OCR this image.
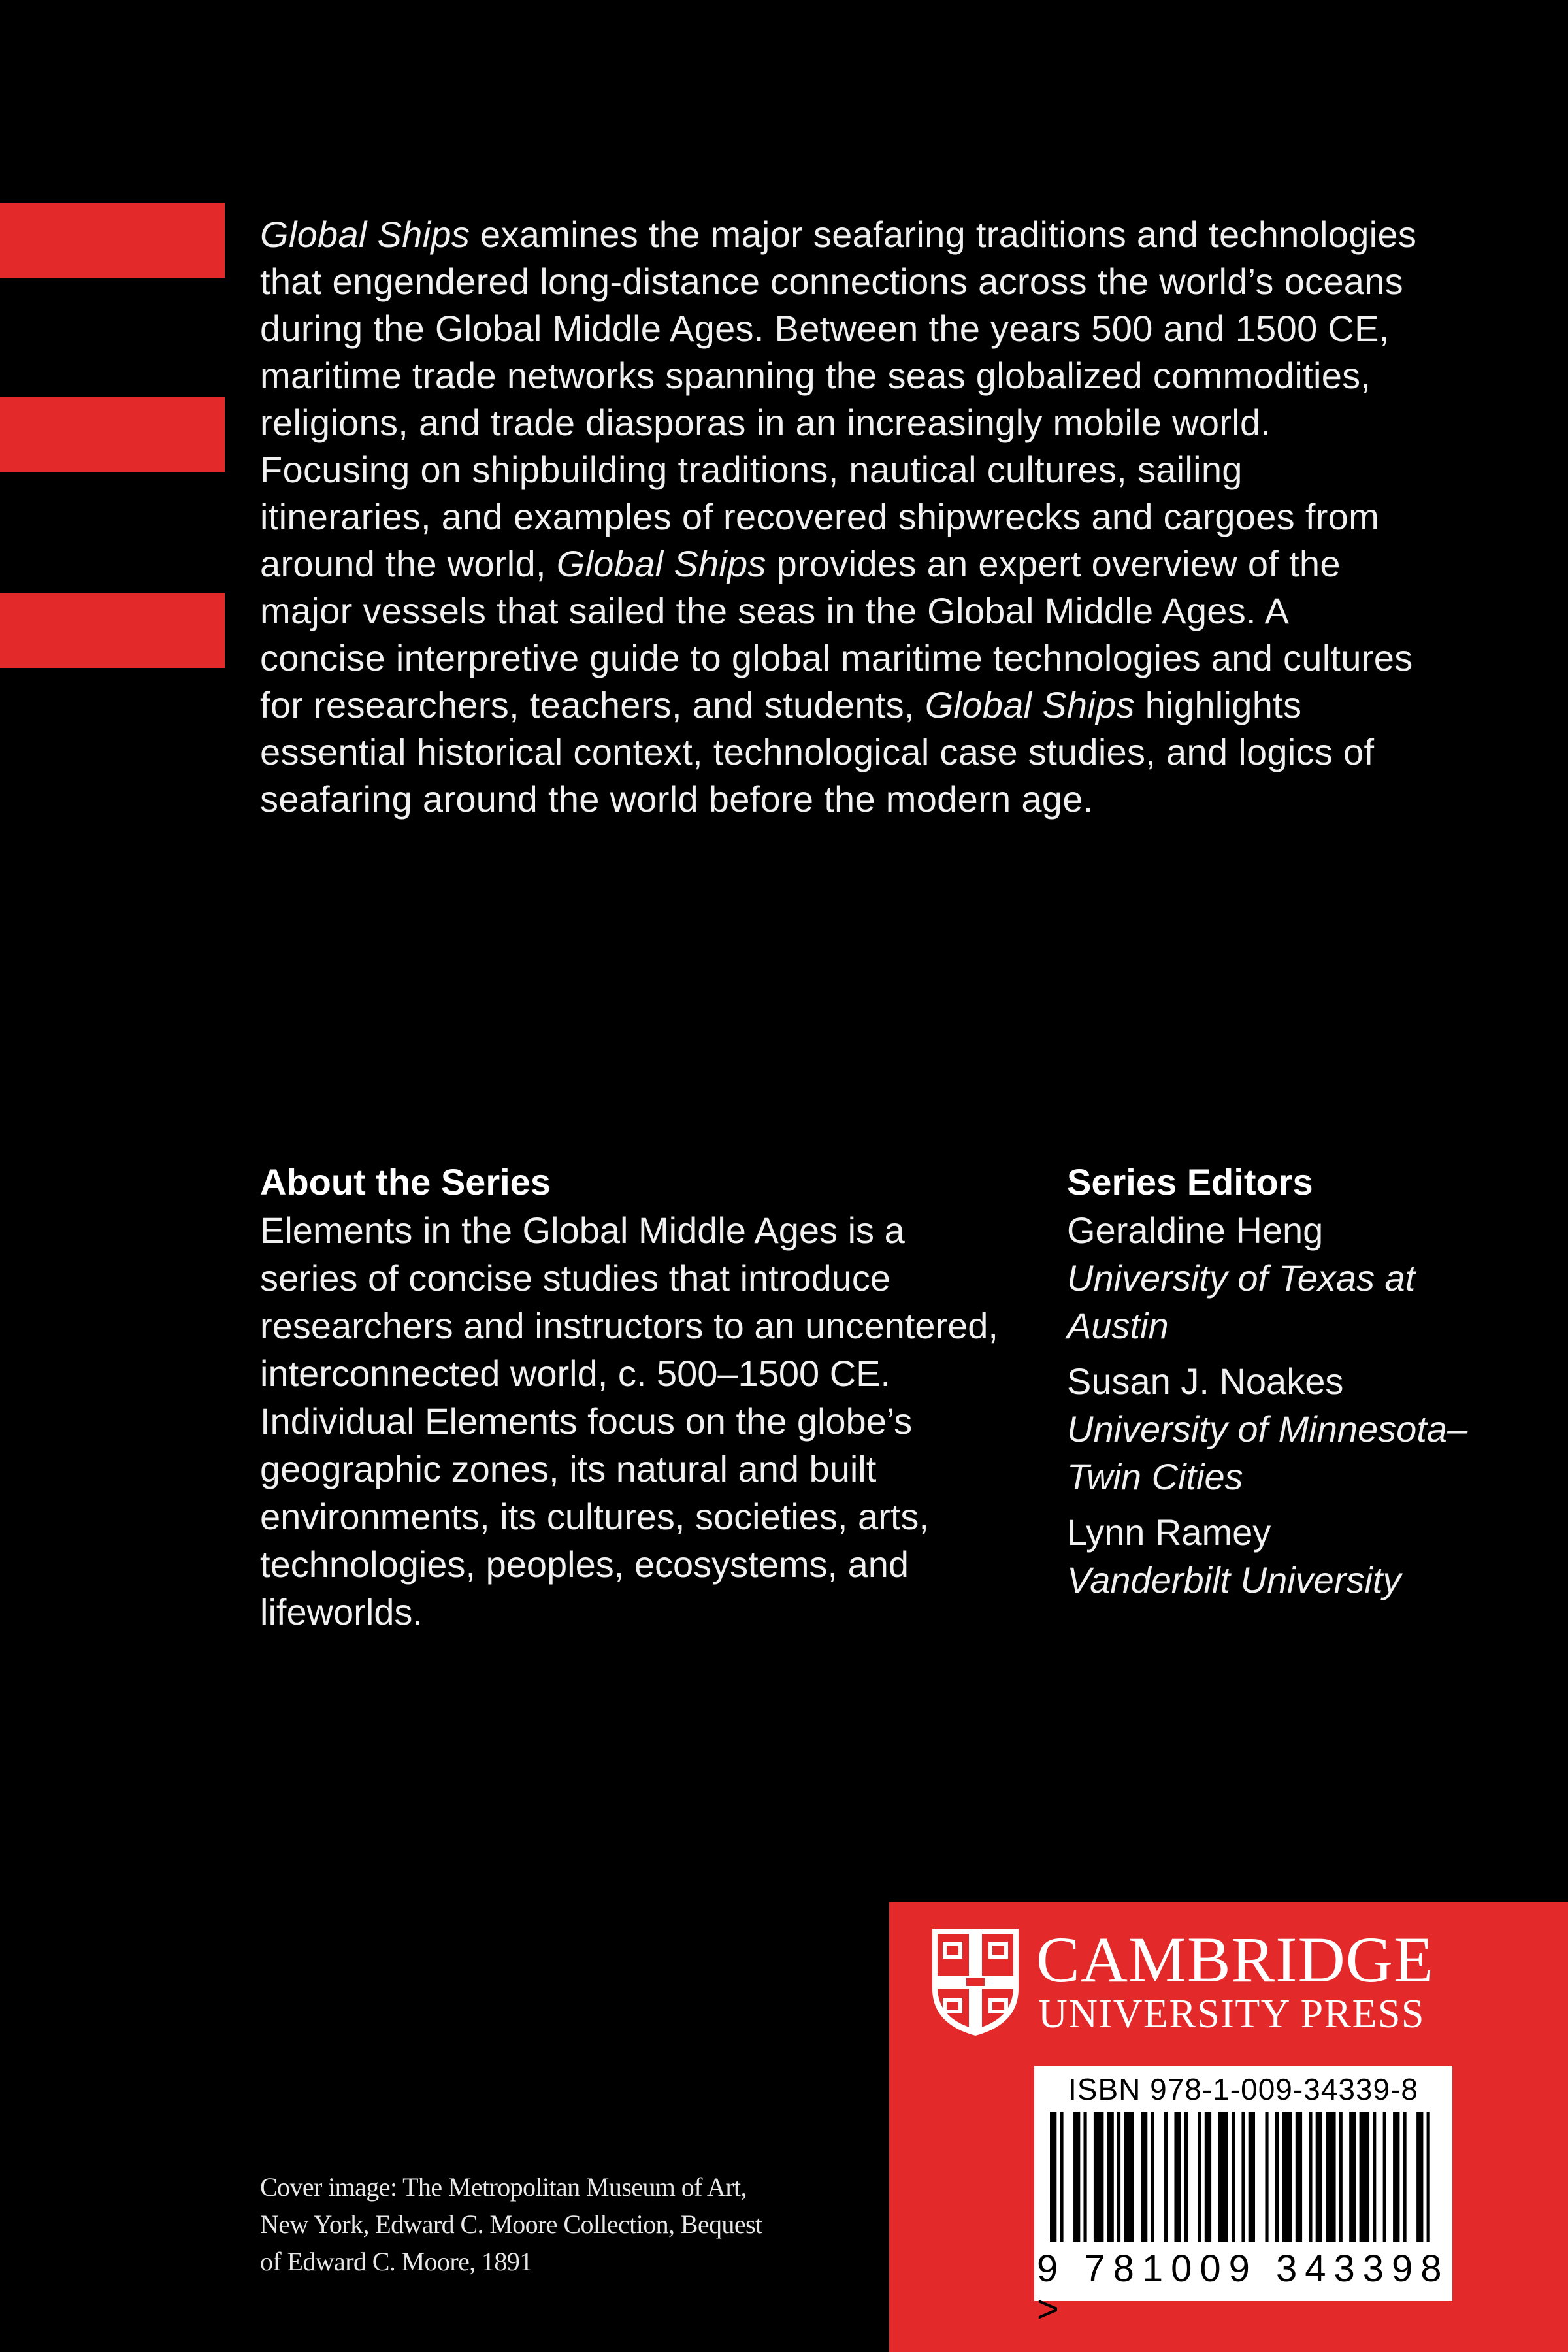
Global Ships examines the major seafaring traditions and technologies that engendered long-distance connections across the world’s oceans during the Global Middle Ages. Between the years 500 and 1500 CE, maritime trade networks spanning the seas globalized commodities, religions, and trade diasporas in an increasingly mobile world. Focusing on shipbuilding traditions, nautical cultures, sailing itineraries, and examples of recovered shipwrecks and cargoes from around the world, Global Ships provides an expert overview of the major vessels that sailed the seas in the Global Middle Ages. A concise interpretive guide to global maritime technologies and cultures for researchers, teachers, and students, Global Ships highlights essential historical context, technological case studies, and logics of seafaring around the world before the modern age.

About the Series

Elements in the Global Middle Ages is a series of concise studies that introduce researchers and instructors to an uncentered, interconnected world, c. 500–1500 CE. Individual Elements focus on the globe’s geographic zones, its natural and built environments, its cultures, societies, arts, technologies, peoples, ecosystems, and lifeworlds.

Series Editors
Geraldine Heng
University of Texas at Austin
Susan J. Noakes
University of Minnesota–Twin Cities
Lynn Ramey
Vanderbilt University
Cover image: The Metropolitan Museum of Art,
New York, Edward C. Moore Collection, Bequest
of Edward C. Moore, 1891
CAMBRIDGE
UNIVERSITY PRESS
ISBN 978-1-009-34339-8
9 781009 343398 >
